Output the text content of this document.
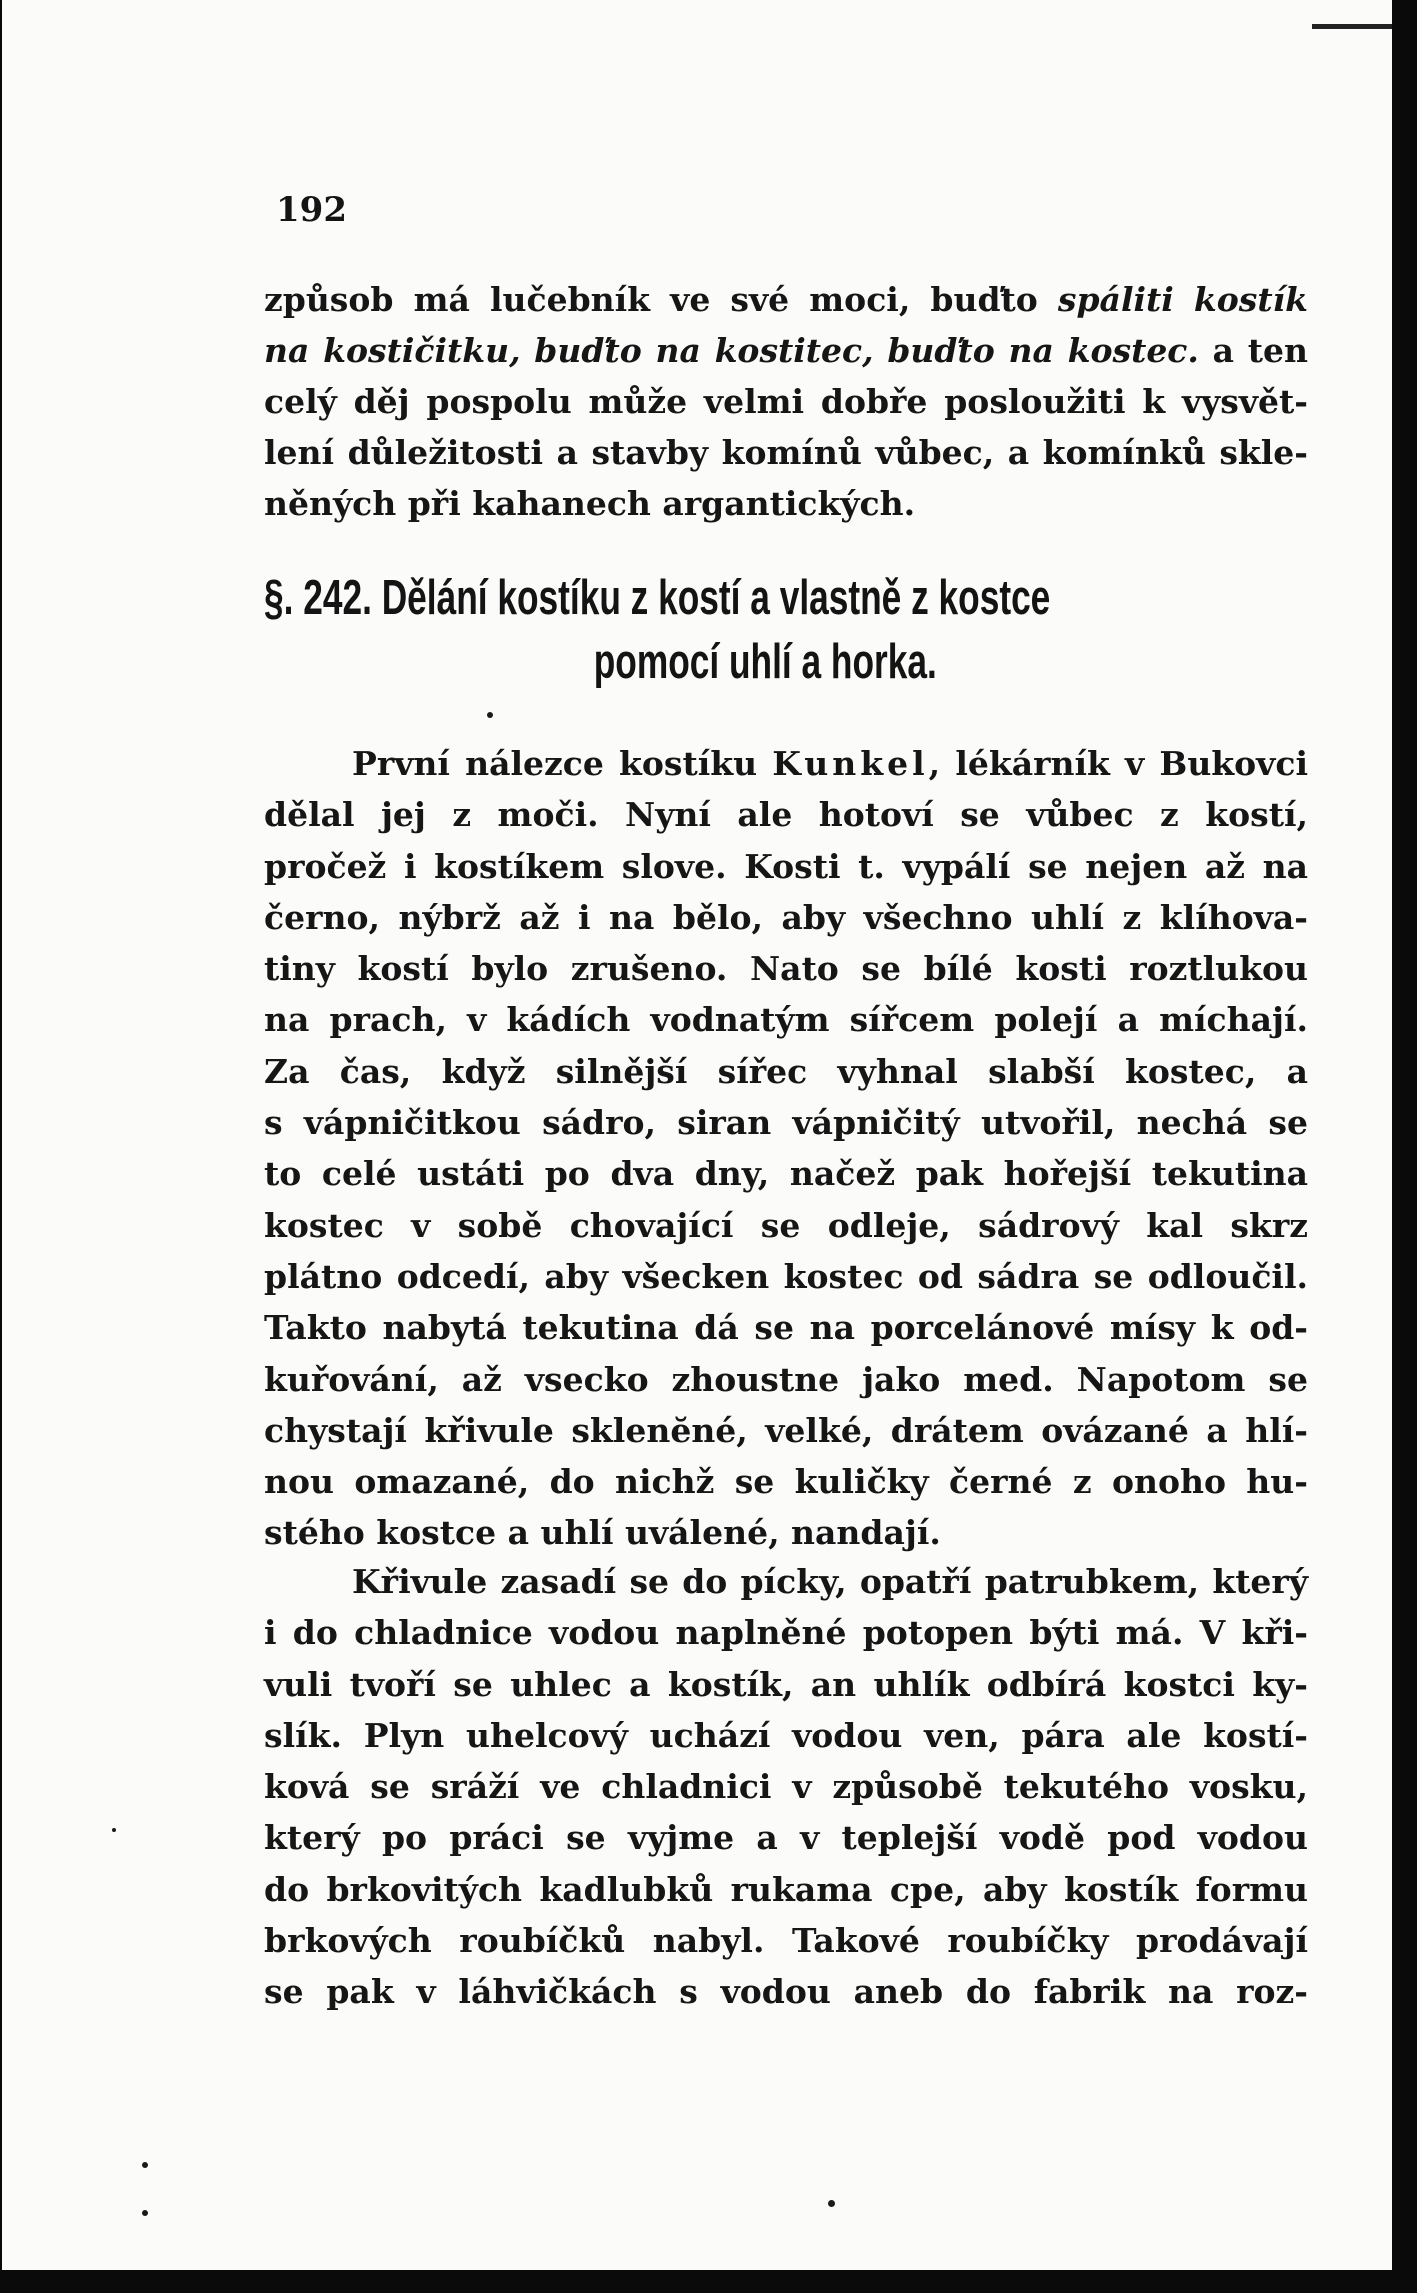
192
způsob má lučebník ve své moci, buďto spáliti kostík
na kostičitku, buďto na kostitec, buďto na kostec. a ten
celý děj pospolu může velmi dobře posloužiti k vysvět-
lení důležitosti a stavby komínů vůbec, a komínků skle-
něných při kahanech argantických.
§. 242. Dělání kostíku z kostí a vlastně z kostce
pomocí uhlí a horka.
První nálezce kostíku Kunkel, lékárník v Bukovci
dělal jej z moči. Nyní ale hotoví se vůbec z kostí,
pročež i kostíkem slove. Kosti t. vypálí se nejen až na
černo, nýbrž až i na bělo, aby všechno uhlí z klíhova-
tiny kostí bylo zrušeno. Nato se bílé kosti roztlukou
na prach, v kádích vodnatým sířcem polejí a míchají.
Za čas, když silnější sířec vyhnal slabší kostec, a
s vápničitkou sádro, siran vápničitý utvořil, nechá se
to celé ustáti po dva dny, načež pak hořejší tekutina
kostec v sobě chovající se odleje, sádrový kal skrz
plátno odcedí, aby všecken kostec od sádra se odloučil.
Takto nabytá tekutina dá se na porcelánové mísy k od-
kuřování, až vsecko zhoustne jako med. Napotom se
chystají křivule sklenĕné, velké, drátem ovázané a hlí-
nou omazané, do nichž se kuličky černé z onoho hu-
stého kostce a uhlí uválené, nandají.
Křivule zasadí se do pícky, opatří patrubkem, který
i do chladnice vodou naplněné potopen býti má. V kři-
vuli tvoří se uhlec a kostík, an uhlík odbírá kostci ky-
slík. Plyn uhelcový uchází vodou ven, pára ale kostí-
ková se sráží ve chladnici v způsobě tekutého vosku,
který po práci se vyjme a v teplejší vodě pod vodou
do brkovitých kadlubků rukama cpe, aby kostík formu
brkových roubíčků nabyl. Takové roubíčky prodávají
se pak v láhvičkách s vodou aneb do fabrik na roz-
